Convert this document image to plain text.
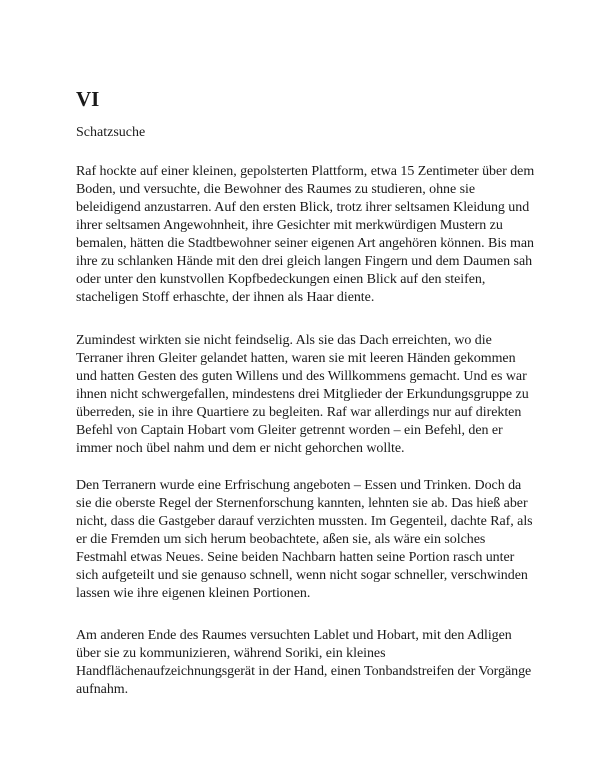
VI
Schatzsuche

Raf hockte auf einer kleinen, gepolsterten Plattform, etwa 15 Zentimeter über dem Boden, und versuchte, die Bewohner des Raumes zu studieren, ohne sie beleidigend anzustarren. Auf den ersten Blick, trotz ihrer seltsamen Kleidung und ihrer seltsamen Angewohnheit, ihre Gesichter mit merkwürdigen Mustern zu bemalen, hätten die Stadtbewohner seiner eigenen Art angehören können. Bis man ihre zu schlanken Hände mit den drei gleich langen Fingern und dem Daumen sah oder unter den kunstvollen Kopfbedeckungen einen Blick auf den steifen, stacheligen Stoff erhaschte, der ihnen als Haar diente.

Zumindest wirkten sie nicht feindselig. Als sie das Dach erreichten, wo die Terraner ihren Gleiter gelandet hatten, waren sie mit leeren Händen gekommen und hatten Gesten des guten Willens und des Willkommens gemacht. Und es war ihnen nicht schwergefallen, mindestens drei Mitglieder der Erkundungsgruppe zu überreden, sie in ihre Quartiere zu begleiten. Raf war allerdings nur auf direkten Befehl von Captain Hobart vom Gleiter getrennt worden – ein Befehl, den er immer noch übel nahm und dem er nicht gehorchen wollte.

Den Terranern wurde eine Erfrischung angeboten – Essen und Trinken. Doch da sie die oberste Regel der Sternenforschung kannten, lehnten sie ab. Das hieß aber nicht, dass die Gastgeber darauf verzichten mussten. Im Gegenteil, dachte Raf, als er die Fremden um sich herum beobachtete, aßen sie, als wäre ein solches Festmahl etwas Neues. Seine beiden Nachbarn hatten seine Portion rasch unter sich aufgeteilt und sie genauso schnell, wenn nicht sogar schneller, verschwinden lassen wie ihre eigenen kleinen Portionen.

Am anderen Ende des Raumes versuchten Lablet und Hobart, mit den Adligen über sie zu kommunizieren, während Soriki, ein kleines Handflächenaufzeichnungsgerät in der Hand, einen Tonbandstreifen der Vorgänge aufnahm.
